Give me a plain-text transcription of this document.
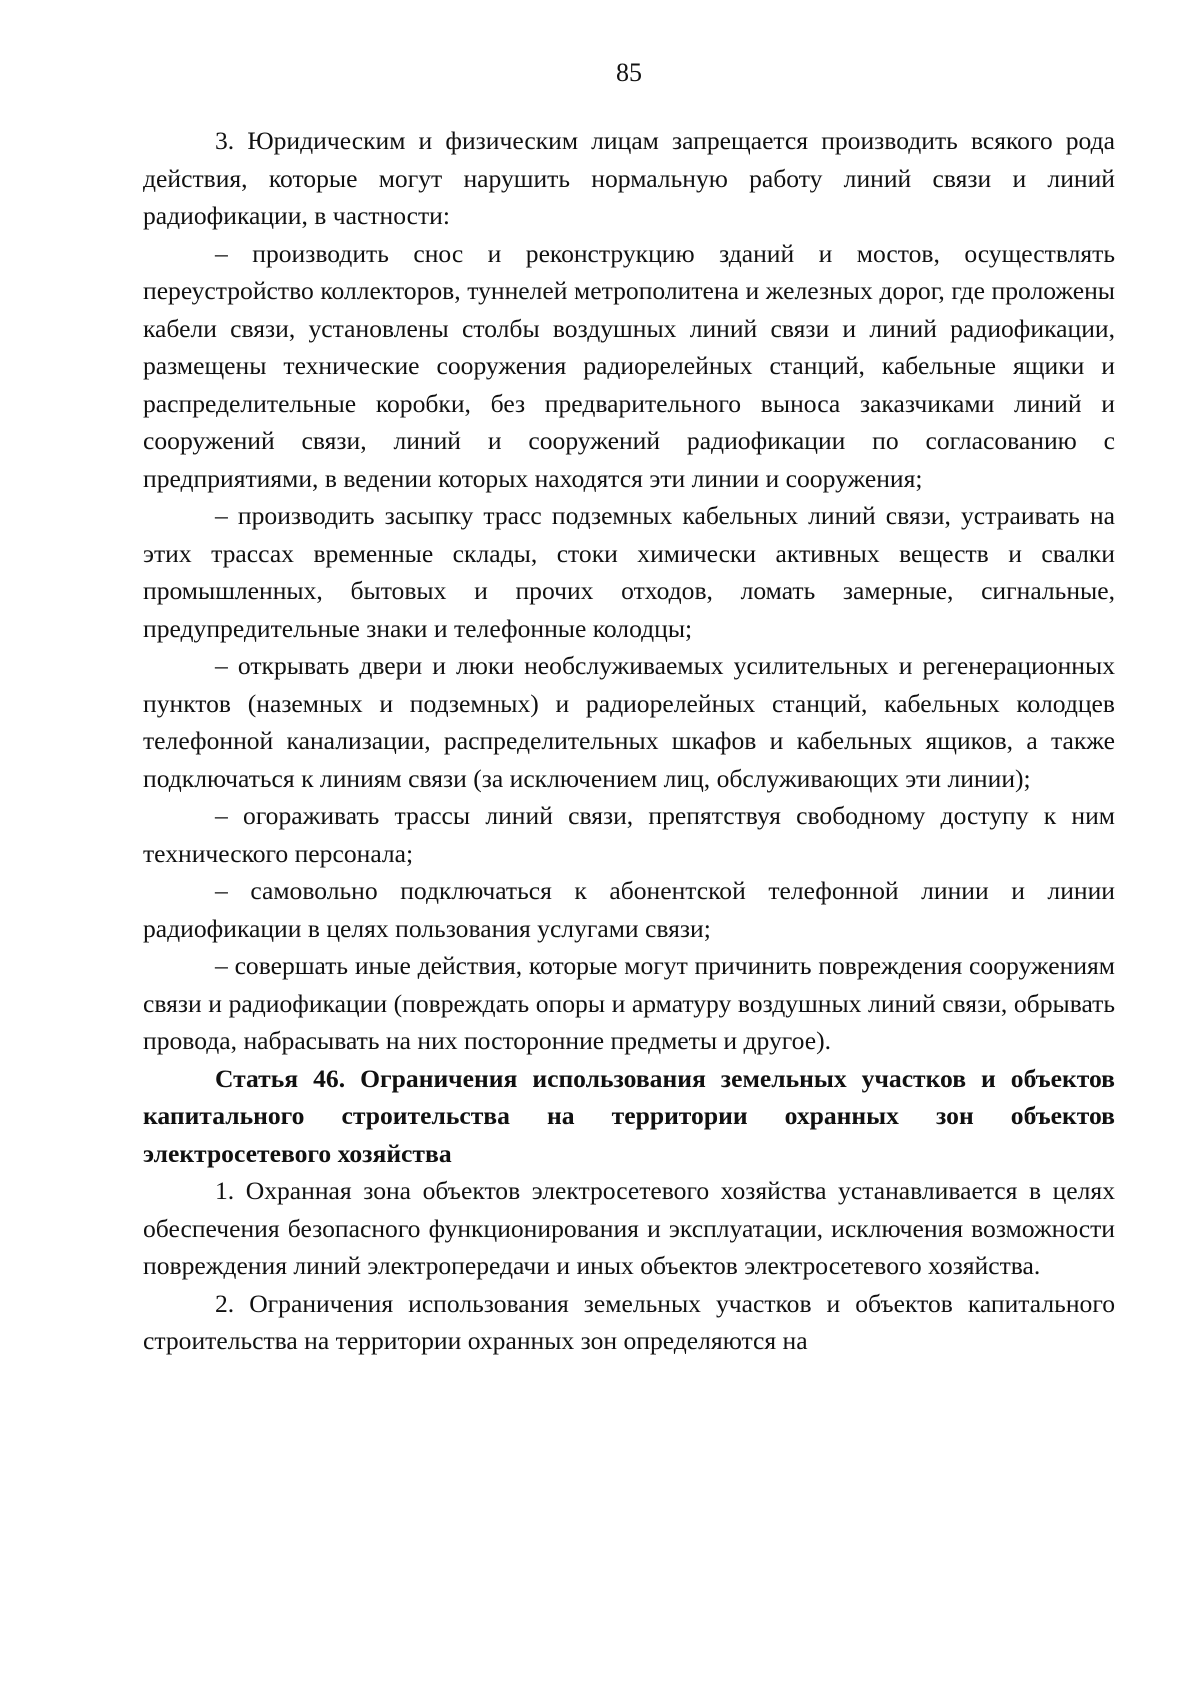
85

3. Юридическим и физическим лицам запрещается производить всякого рода действия, которые могут нарушить нормальную работу линий связи и линий радиофикации, в частности:

– производить снос и реконструкцию зданий и мостов, осуществлять переустройство коллекторов, туннелей метрополитена и железных дорог, где проложены кабели связи, установлены столбы воздушных линий связи и линий радиофикации, размещены технические сооружения радиорелейных станций, кабельные ящики и распределительные коробки, без предварительного выноса заказчиками линий и сооружений связи, линий и сооружений радиофикации по согласованию с предприятиями, в ведении которых находятся эти линии и сооружения;

– производить засыпку трасс подземных кабельных линий связи, устраивать на этих трассах временные склады, стоки химически активных веществ и свалки промышленных, бытовых и прочих отходов, ломать замерные, сигнальные, предупредительные знаки и телефонные колодцы;

– открывать двери и люки необслуживаемых усилительных и регенерационных пунктов (наземных и подземных) и радиорелейных станций, кабельных колодцев телефонной канализации, распределительных шкафов и кабельных ящиков, а также подключаться к линиям связи (за исключением лиц, обслуживающих эти линии);

– огораживать трассы линий связи, препятствуя свободному доступу к ним технического персонала;

– самовольно подключаться к абонентской телефонной линии и линии радиофикации в целях пользования услугами связи;

– совершать иные действия, которые могут причинить повреждения сооружениям связи и радиофикации (повреждать опоры и арматуру воздушных линий связи, обрывать провода, набрасывать на них посторонние предметы и другое).

Статья 46. Ограничения использования земельных участков и объектов капитального строительства на территории охранных зон объектов электросетевого хозяйства

1. Охранная зона объектов электросетевого хозяйства устанавливается в целях обеспечения безопасного функционирования и эксплуатации, исключения возможности повреждения линий электропередачи и иных объектов электросетевого хозяйства.

2. Ограничения использования земельных участков и объектов капитального строительства на территории охранных зон определяются на
